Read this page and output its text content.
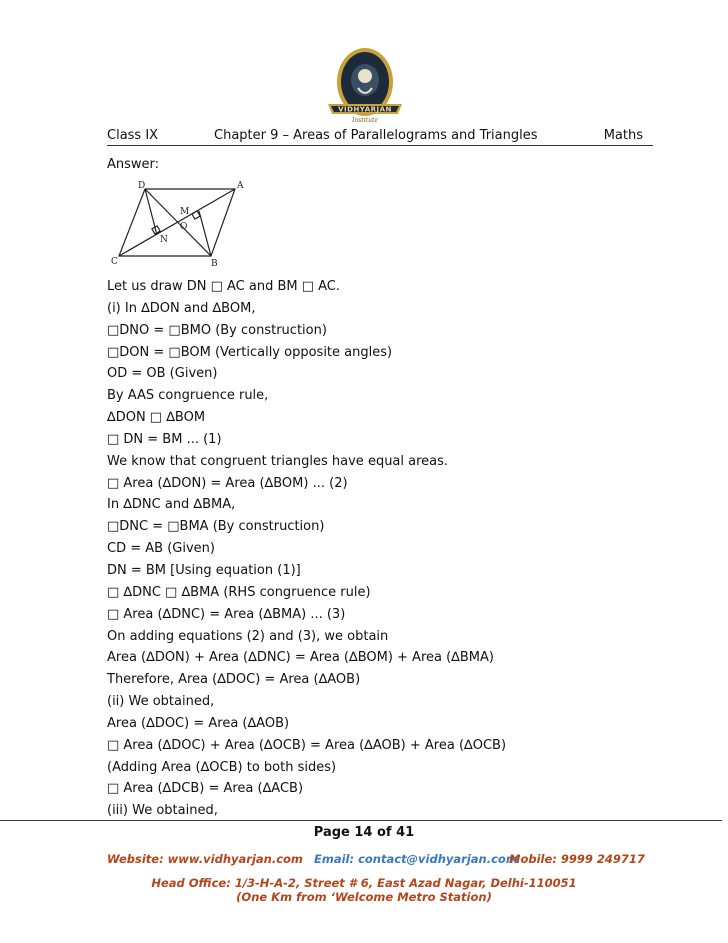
VIDHYARJAN
Institute
Class IX	Chapter 9 – Areas of Parallelograms and Triangles	Maths
Answer:
D	A
C	B
M
O
N
Let us draw DN □ AC and BM □ AC.
(i) In ∆DON and ∆BOM,
□DNO = □BMO (By construction)
□DON = □BOM (Vertically opposite angles)
OD = OB (Given)
By AAS congruence rule,
∆DON □ ∆BOM
□ DN = BM ... (1)
We know that congruent triangles have equal areas.
□ Area (∆DON) = Area (∆BOM) ... (2)
In ∆DNC and ∆BMA,
□DNC = □BMA (By construction)
CD = AB (Given)
DN = BM [Using equation (1)]
□ ∆DNC □ ∆BMA (RHS congruence rule)
□ Area (∆DNC) = Area (∆BMA) ... (3)
On adding equations (2) and (3), we obtain
Area (∆DON) + Area (∆DNC) = Area (∆BOM) + Area (∆BMA)
Therefore, Area (∆DOC) = Area (∆AOB)
(ii) We obtained,
Area (∆DOC) = Area (∆AOB)
□ Area (∆DOC) + Area (∆OCB) = Area (∆AOB) + Area (∆OCB)
(Adding Area (∆OCB) to both sides)
□ Area (∆DCB) = Area (∆ACB)
(iii) We obtained,
Page 14 of 41
Website: www.vidhyarjan.com Email: contact@vidhyarjan.com
Mobile: 9999 249717
Head Office: 1/3-H-A-2, Street # 6, East Azad Nagar, Delhi-110051
(One Km from ‘Welcome Metro Station)
